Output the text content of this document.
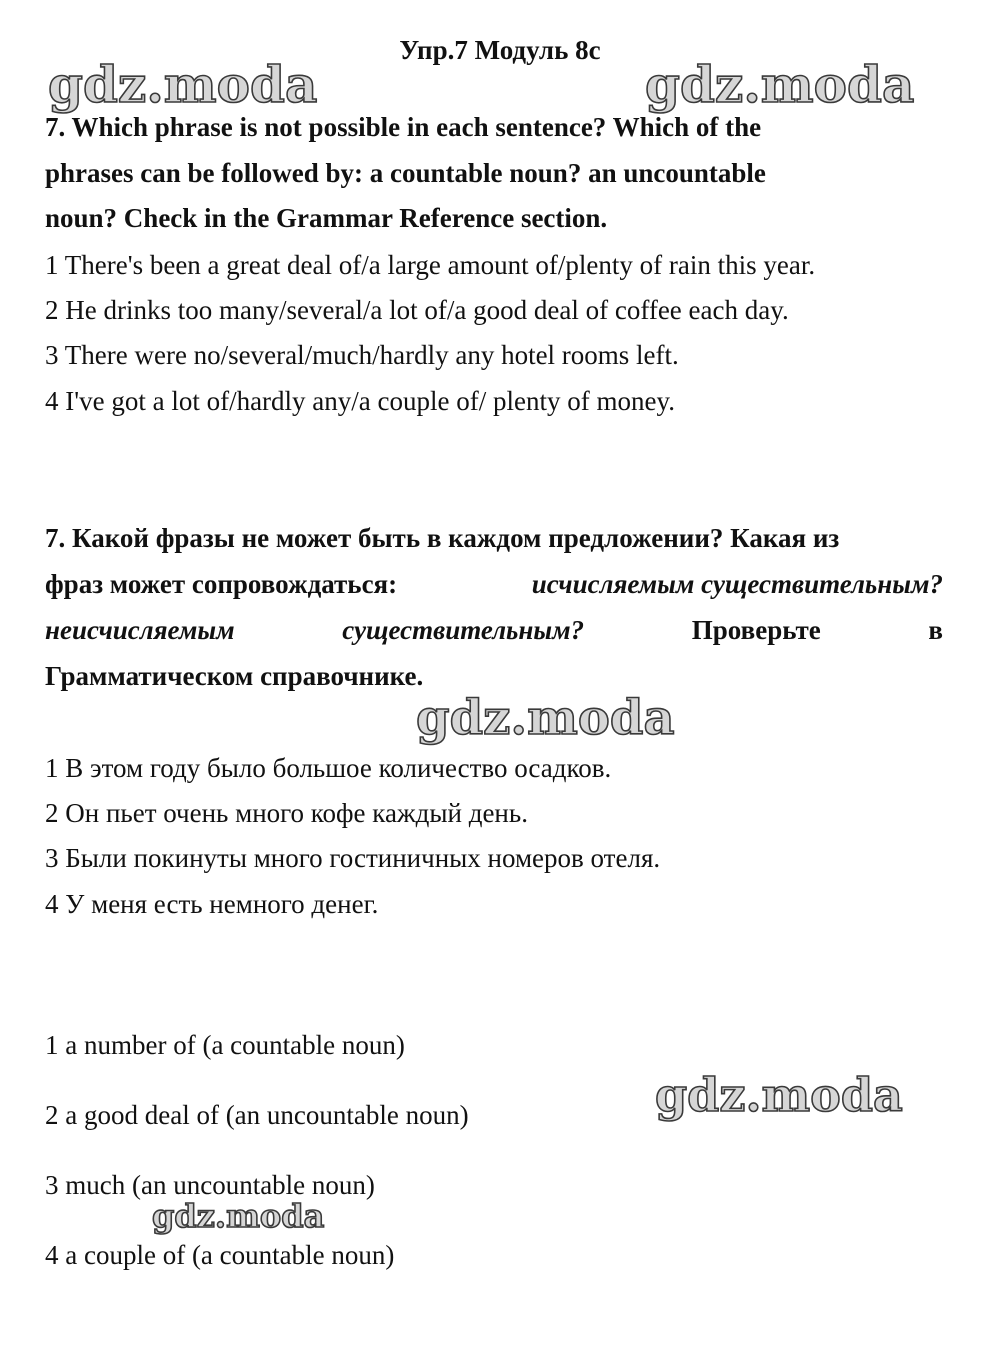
Упр.7 Модуль 8с
gdz.moda	gdz.moda
gdz.moda
gdz.moda
gdz.moda
7. Which phrase is not possible in each sentence? Which of the
phrases can be followed by: a countable noun? an uncountable
noun? Check in the Grammar Reference section.
1 There's been a great deal of/a large amount of/plenty of rain this year.
2 He drinks too many/several/a lot of/a good deal of coffee each day.
3 There were no/several/much/hardly any hotel rooms left.
4 I've got a lot of/hardly any/a couple of/ plenty of money.
7. Какой фразы не может быть в каждом предложении? Какая из
фраз может сопровождаться:	исчисляемым существительным?
неисчисляемым	существительным?	Проверьте	в
Грамматическом справочнике.
1 В этом году было большое количество осадков.
2 Он пьет очень много кофе каждый день.
3 Были покинуты много гостиничных номеров отеля.
4 У меня есть немного денег.
1 a number of (a countable noun)
2 a good deal of (an uncountable noun)
3 much (an uncountable noun)
4 a couple of (a countable noun)
